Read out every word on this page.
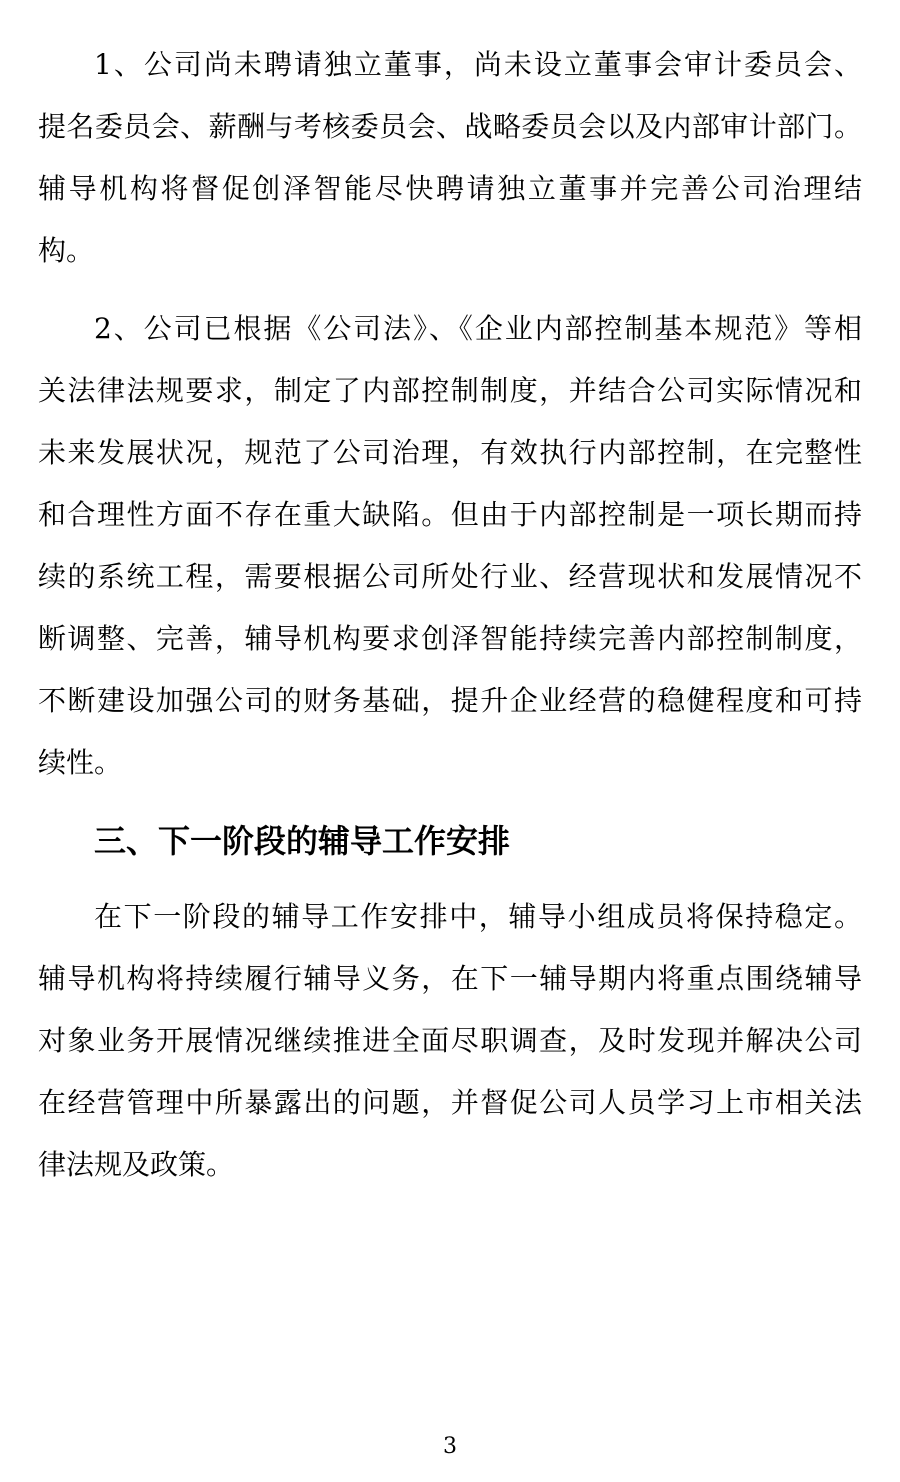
1、公司尚未聘请独立董事，尚未设立董事会审计委员会、
提名委员会、薪酬与考核委员会、战略委员会以及内部审计部门。
辅导机构将督促创泽智能尽快聘请独立董事并完善公司治理结
构。
2、公司已根据《公司法》、《企业内部控制基本规范》等相
关法律法规要求，制定了内部控制制度，并结合公司实际情况和
未来发展状况，规范了公司治理，有效执行内部控制，在完整性
和合理性方面不存在重大缺陷。但由于内部控制是一项长期而持
续的系统工程，需要根据公司所处行业、经营现状和发展情况不
断调整、完善，辅导机构要求创泽智能持续完善内部控制制度，
不断建设加强公司的财务基础，提升企业经营的稳健程度和可持
续性。
三、下一阶段的辅导工作安排
在下一阶段的辅导工作安排中，辅导小组成员将保持稳定。
辅导机构将持续履行辅导义务，在下一辅导期内将重点围绕辅导
对象业务开展情况继续推进全面尽职调查，及时发现并解决公司
在经营管理中所暴露出的问题，并督促公司人员学习上市相关法
律法规及政策。
3
